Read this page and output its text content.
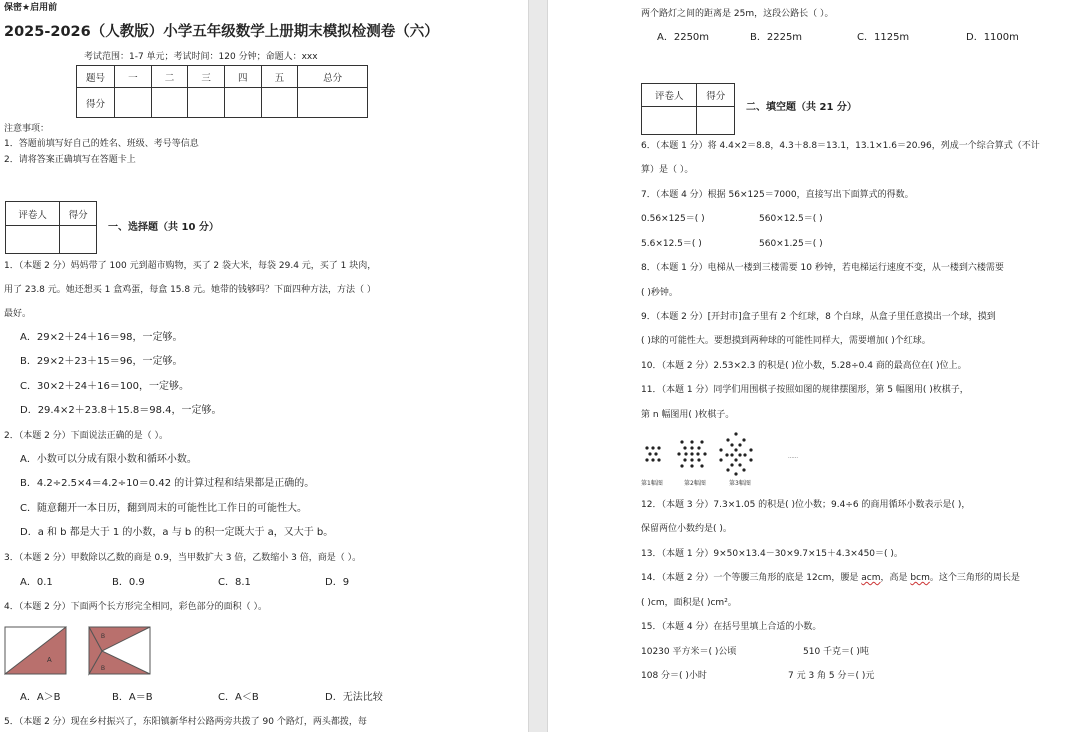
保密★启用前
2025-2026（人教版）小学五年级数学上册期末模拟检测卷（六）
考试范围：1-7 单元；考试时间：120 分钟；命题人：xxx
题号	一	二	三	四	五	总分
得分						
注意事项：
1．答题前填写好自己的姓名、班级、考号等信息
2．请将答案正确填写在答题卡上
评卷人	得分

一、选择题（共 10 分）
1．（本题 2 分）妈妈带了 100 元到超市购物，买了 2 袋大米，每袋 29.4 元，买了 1 块肉，
用了 23.8 元。她还想买 1 盒鸡蛋，每盒 15.8 元。她带的钱够吗？下面四种方法，方法（ ）
最好。
A．29×2＋24＋16＝98，一定够。
B．29×2＋23＋15＝96，一定够。
C．30×2＋24＋16＝100，一定够。
D．29.4×2＋23.8＋15.8＝98.4，一定够。
2．（本题 2 分）下面说法正确的是（ ）。
A．小数可以分成有限小数和循环小数。
B．4.2÷2.5×4＝4.2÷10＝0.42 的计算过程和结果都是正确的。
C．随意翻开一本日历，翻到周末的可能性比工作日的可能性大。
D．a 和 b 都是大于 1 的小数，a 与 b 的积一定既大于 a，又大于 b。
3．（本题 2 分）甲数除以乙数的商是 0.9，当甲数扩大 3 倍，乙数缩小 3 倍，商是（ ）。
A．0.1	B．0.9	C．8.1	D．9
4．（本题 2 分）下面两个长方形完全相同，彩色部分的面积（ ）。
A
B
B
A．A＞B	B．A＝B	C．A＜B	D．无法比较
5．（本题 2 分）现在乡村振兴了，东阳镇新华村公路两旁共拨了 90 个路灯，两头都拨，每
两个路灯之间的距离是 25m，这段公路长（ ）。
A．2250m	B．2225m	C．1125m	D．1100m
评卷人	得分

二、填空题（共 21 分）
6．（本题 1 分）将 4.4×2＝8.8，4.3＋8.8＝13.1，13.1×1.6＝20.96，列成一个综合算式（不计
算）是（ ）。
7．（本题 4 分）根据 56×125＝7000，直接写出下面算式的得数。
0.56×125＝( )	560×12.5＝( )
5.6×12.5＝( )	560×1.25＝( )
8．（本题 1 分）电梯从一楼到三楼需要 10 秒钟，若电梯运行速度不变，从一楼到六楼需要
( )秒钟。
9．（本题 2 分）[开封市]盒子里有 2 个红球，8 个白球，从盒子里任意摸出一个球，摸到
( )球的可能性大。要想摸到两种球的可能性同样大，需要增加( )个红球。
10．（本题 2 分）2.53×2.3 的积是( )位小数，5.28÷0.4 商的最高位在( )位上。
11．（本题 1 分）同学们用围棋子按照如图的规律摆图形，第 5 幅图用( )枚棋子，
第 n 幅图用( )枚棋子。
......
第1幅图	第2幅图	第3幅图
12．（本题 3 分）7.3×1.05 的积是( )位小数；9.4÷6 的商用循环小数表示是( )，
保留两位小数约是( )。
13．（本题 1 分）9×50×13.4－30×9.7×15＋4.3×450＝( )。
14．（本题 2 分）一个等腰三角形的底是 12cm，腰是 acm，高是 bcm。这个三角形的周长是
( )cm，面积是( )cm²。
15．（本题 4 分）在括号里填上合适的小数。
10230 平方米＝( )公顷	510 千克＝( )吨
108 分＝( )小时	7 元 3 角 5 分＝( )元
